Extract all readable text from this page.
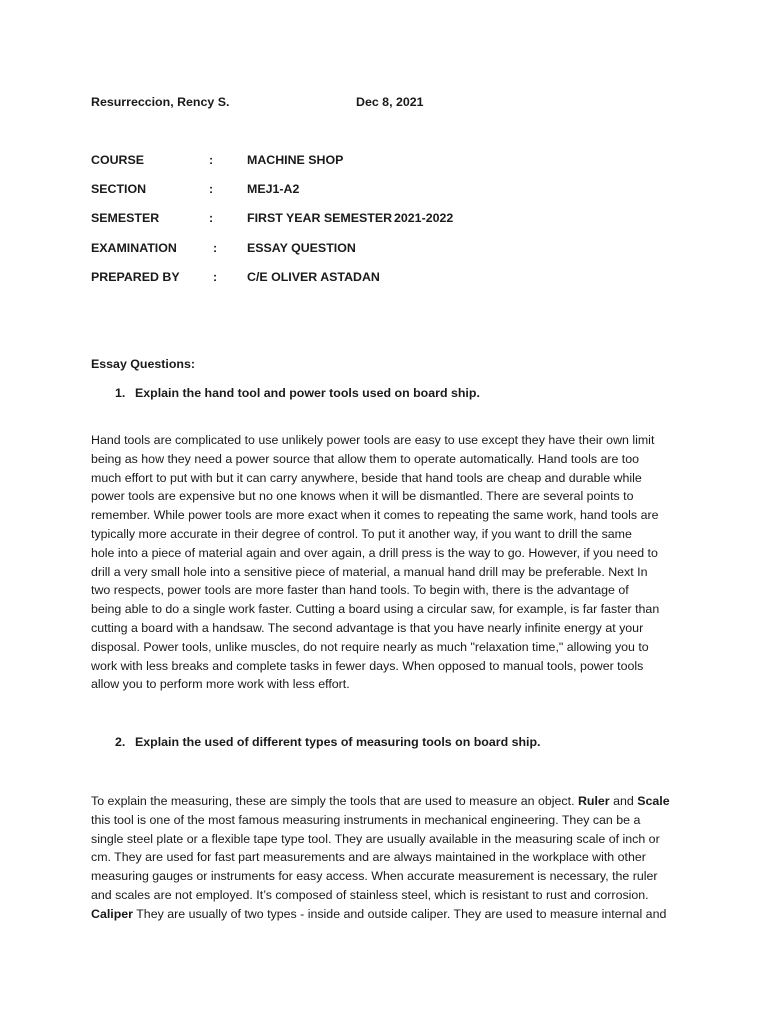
Resurreccion, Rency S.	Dec 8, 2021
COURSE	:	MACHINE SHOP
SECTION	:	MEJ1-A2
SEMESTER	:	FIRST YEAR SEMESTER 2021-2022
EXAMINATION	: ESSAY QUESTION
PREPARED BY	: C/E OLIVER ASTADAN
Essay Questions:
1. Explain the hand tool and power tools used on board ship.
Hand tools are complicated to use unlikely power tools are easy to use except they have their own limit
being as how they need a power source that allow them to operate automatically. Hand tools are too
much effort to put with but it can carry anywhere, beside that hand tools are cheap and durable while
power tools are expensive but no one knows when it will be dismantled. There are several points to
remember. While power tools are more exact when it comes to repeating the same work, hand tools are
typically more accurate in their degree of control. To put it another way, if you want to drill the same
hole into a piece of material again and over again, a drill press is the way to go. However, if you need to
drill a very small hole into a sensitive piece of material, a manual hand drill may be preferable. Next In
two respects, power tools are more faster than hand tools. To begin with, there is the advantage of
being able to do a single work faster. Cutting a board using a circular saw, for example, is far faster than
cutting a board with a handsaw. The second advantage is that you have nearly infinite energy at your
disposal. Power tools, unlike muscles, do not require nearly as much "relaxation time," allowing you to
work with less breaks and complete tasks in fewer days. When opposed to manual tools, power tools
allow you to perform more work with less effort.
2. Explain the used of different types of measuring tools on board ship.
To explain the measuring, these are simply the tools that are used to measure an object. Ruler and Scale
this tool is one of the most famous measuring instruments in mechanical engineering. They can be a
single steel plate or a flexible tape type tool. They are usually available in the measuring scale of inch or
cm. They are used for fast part measurements and are always maintained in the workplace with other
measuring gauges or instruments for easy access. When accurate measurement is necessary, the ruler
and scales are not employed. It’s composed of stainless steel, which is resistant to rust and corrosion.
Caliper They are usually of two types - inside and outside caliper. They are used to measure internal and
